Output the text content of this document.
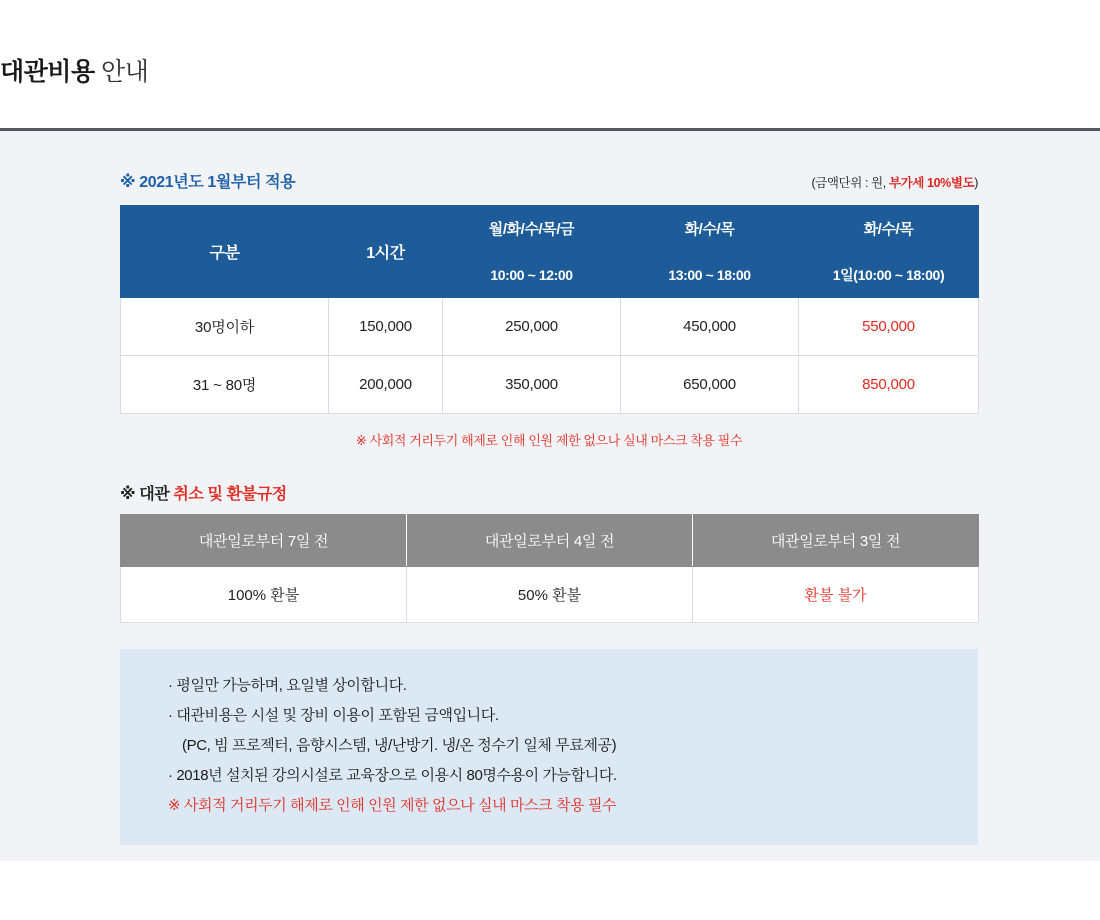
대관비용 안내
※ 2021년도 1월부터 적용	(금액단위 : 원, 부가세 10%별도)
구분	1시간	월/화/수/목/금	화/수/목	화/수/목
		10:00 ~ 12:00	13:00 ~ 18:00	1일(10:00 ~ 18:00)
30명이하	150,000	250,000	450,000	550,000
31 ~ 80명	200,000	350,000	650,000	850,000
※ 사회적 거리두기 해제로 인해 인원 제한 없으나 실내 마스크 착용 필수
※ 대관 취소 및 환불규정
대관일로부터 7일 전	대관일로부터 4일 전	대관일로부터 3일 전
100% 환불	50% 환불	환불 불가
· 평일만 가능하며, 요일별 상이합니다.
· 대관비용은 시설 및 장비 이용이 포함된 금액입니다.
(PC, 빔 프로젝터, 음향시스템, 냉/난방기. 냉/온 정수기 일체 무료제공)
· 2018년 설치된 강의시설로 교육장으로 이용시 80명수용이 가능합니다.
※ 사회적 거리두기 해제로 인해 인원 제한 없으나 실내 마스크 착용 필수
